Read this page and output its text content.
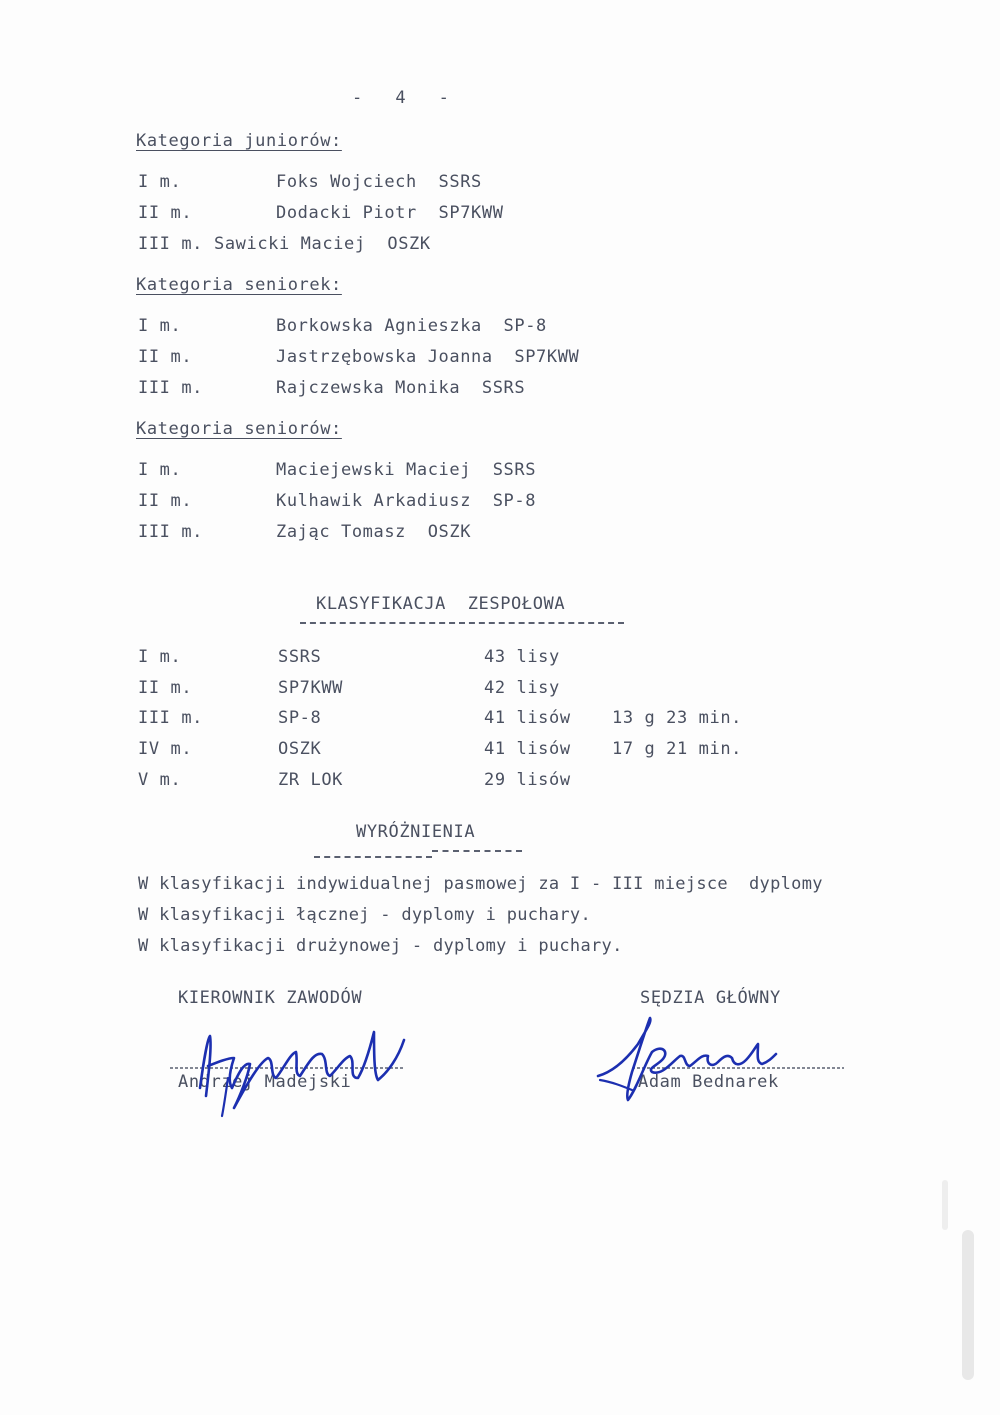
-   4   -
Kategoria juniorów:
I m.	Foks Wojciech  SSRS
II m.	Dodacki Piotr  SP7KWW
III m. Sawicki Maciej  OSZK
Kategoria seniorek:
I m.	Borkowska Agnieszka  SP-8
II m.	Jastrzębowska Joanna  SP7KWW
III m.	Rajczewska Monika  SSRS
Kategoria seniorów:
I m.	Maciejewski Maciej  SSRS
II m.	Kulhawik Arkadiusz  SP-8
III m.	Zając Tomasz  OSZK
KLASYFIKACJA  ZESPOŁOWA
I m.	SSRS	43 lisy
II m.	SP7KWW	42 lisy
III m.	SP-8	41 lisów 13 g 23 min.
IV m.	OSZK	41 lisów 17 g 21 min.
V m.	ZR LOK	29 lisów
WYRÓŻNIENIA
W klasyfikacji indywidualnej pasmowej za I - III miejsce  dyplomy
W klasyfikacji łącznej - dyplomy i puchary.
W klasyfikacji drużynowej - dyplomy i puchary.
KIEROWNIK ZAWODÓW	SĘDZIA GŁÓWNY
Andrzej Madejski	Adam Bednarek
